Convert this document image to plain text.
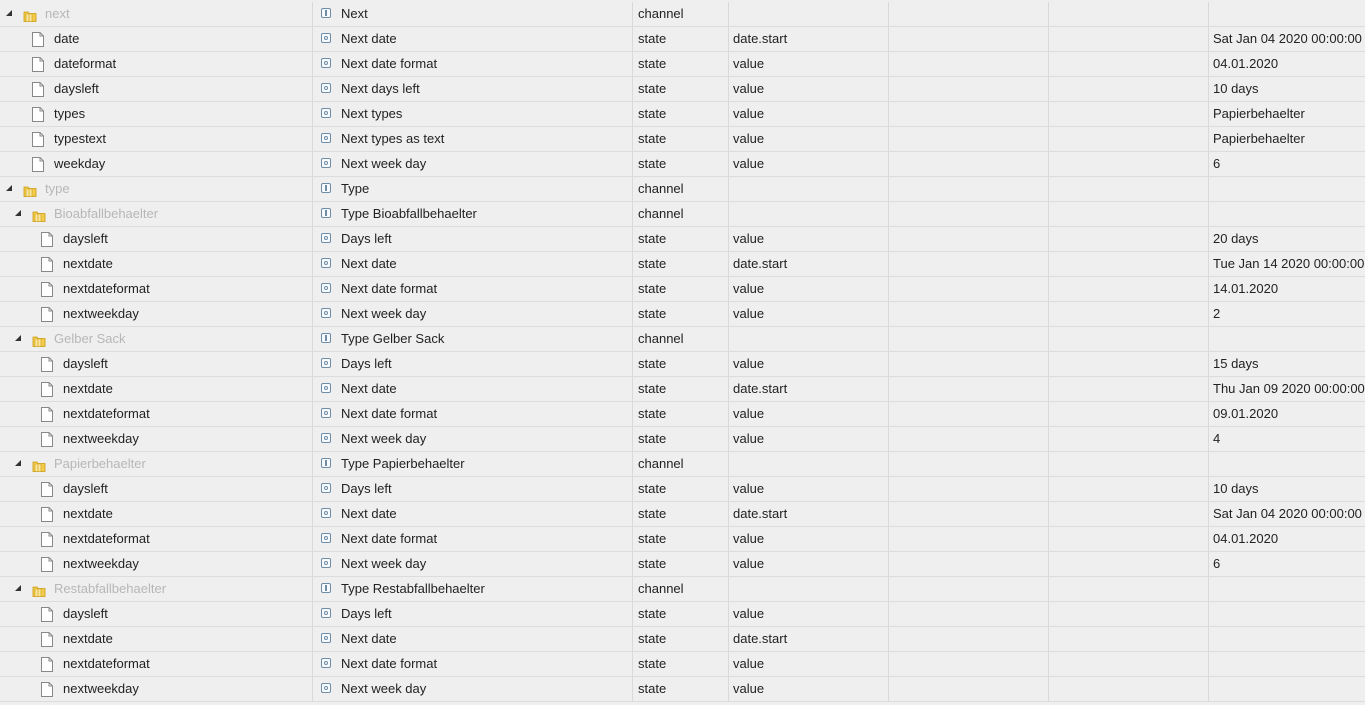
next	Next	channel
date	Next date	state	date.start	Sat Jan 04 2020 00:00:00
dateformat	Next date format	state	value	04.01.2020
daysleft	Next days left	state	value	10 days
types	Next types	state	value	Papierbehaelter
typestext	Next types as text	state	value	Papierbehaelter
weekday	Next week day	state	value	6
type	Type	channel
Bioabfallbehaelter	Type Bioabfallbehaelter	channel
daysleft	Days left	state	value	20 days
nextdate	Next date	state	date.start	Tue Jan 14 2020 00:00:00
nextdateformat	Next date format	state	value	14.01.2020
nextweekday	Next week day	state	value	2
Gelber Sack	Type Gelber Sack	channel
daysleft	Days left	state	value	15 days
nextdate	Next date	state	date.start	Thu Jan 09 2020 00:00:00
nextdateformat	Next date format	state	value	09.01.2020
nextweekday	Next week day	state	value	4
Papierbehaelter	Type Papierbehaelter	channel
daysleft	Days left	state	value	10 days
nextdate	Next date	state	date.start	Sat Jan 04 2020 00:00:00
nextdateformat	Next date format	state	value	04.01.2020
nextweekday	Next week day	state	value	6
Restabfallbehaelter	Type Restabfallbehaelter	channel
daysleft	Days left	state	value
nextdate	Next date	state	date.start
nextdateformat	Next date format	state	value
nextweekday	Next week day	state	value
